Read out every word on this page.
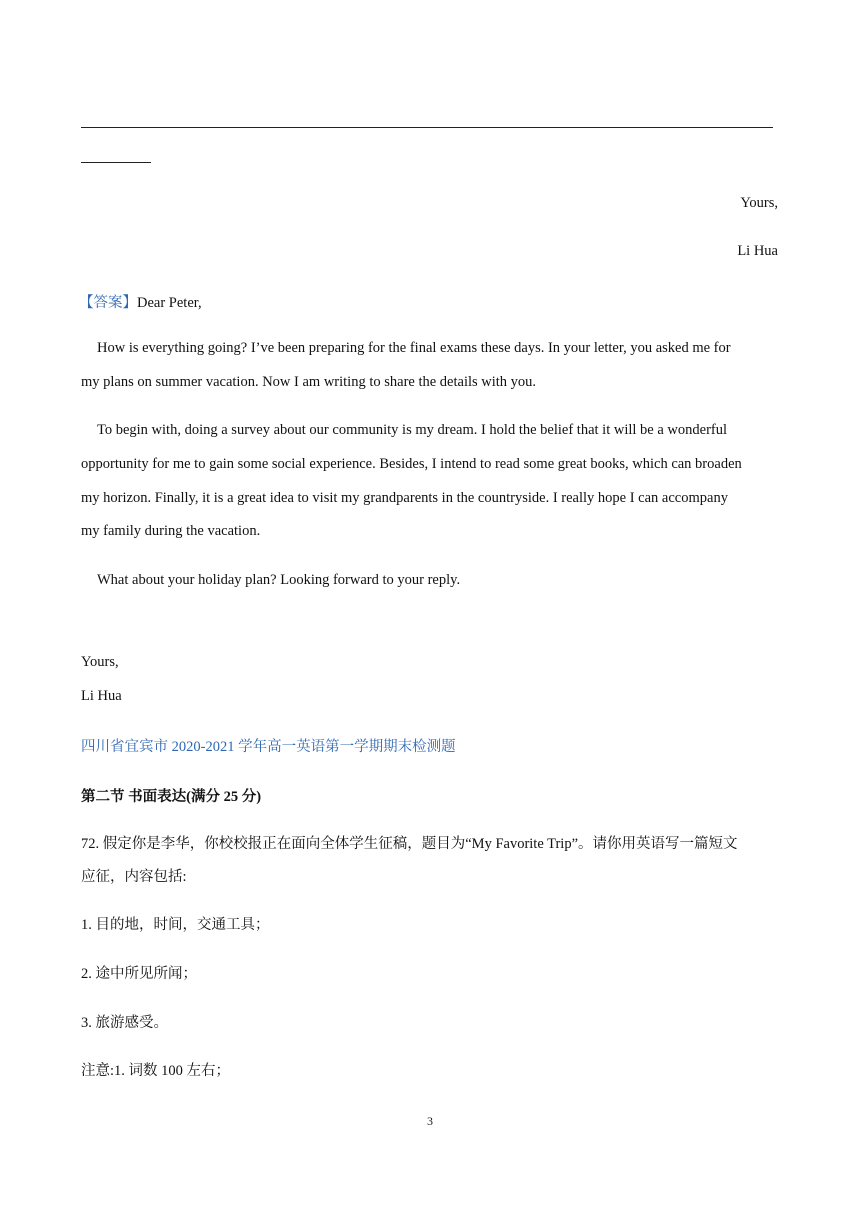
Yours,
Li Hua
【答案】Dear Peter,
How is everything going? I’ve been preparing for the final exams these days. In your letter, you asked me for
my plans on summer vacation. Now I am writing to share the details with you.
To begin with, doing a survey about our community is my dream. I hold the belief that it will be a wonderful
opportunity for me to gain some social experience. Besides, I intend to read some great books, which can broaden
my horizon. Finally, it is a great idea to visit my grandparents in the countryside. I really hope I can accompany
my family during the vacation.
What about your holiday plan? Looking forward to your reply.
Yours,
Li Hua
四川省宜宾市 2020-2021 学年高一英语第一学期期末检测题
第二节 书面表达(满分 25 分)
72. 假定你是李华，你校校报正在面向全体学生征稿，题目为“My Favorite Trip”。请你用英语写一篇短文
应征，内容包括:
1. 目的地，时间，交通工具；
2. 途中所见所闻；
3. 旅游感受。
注意:1. 词数 100 左右；
3
